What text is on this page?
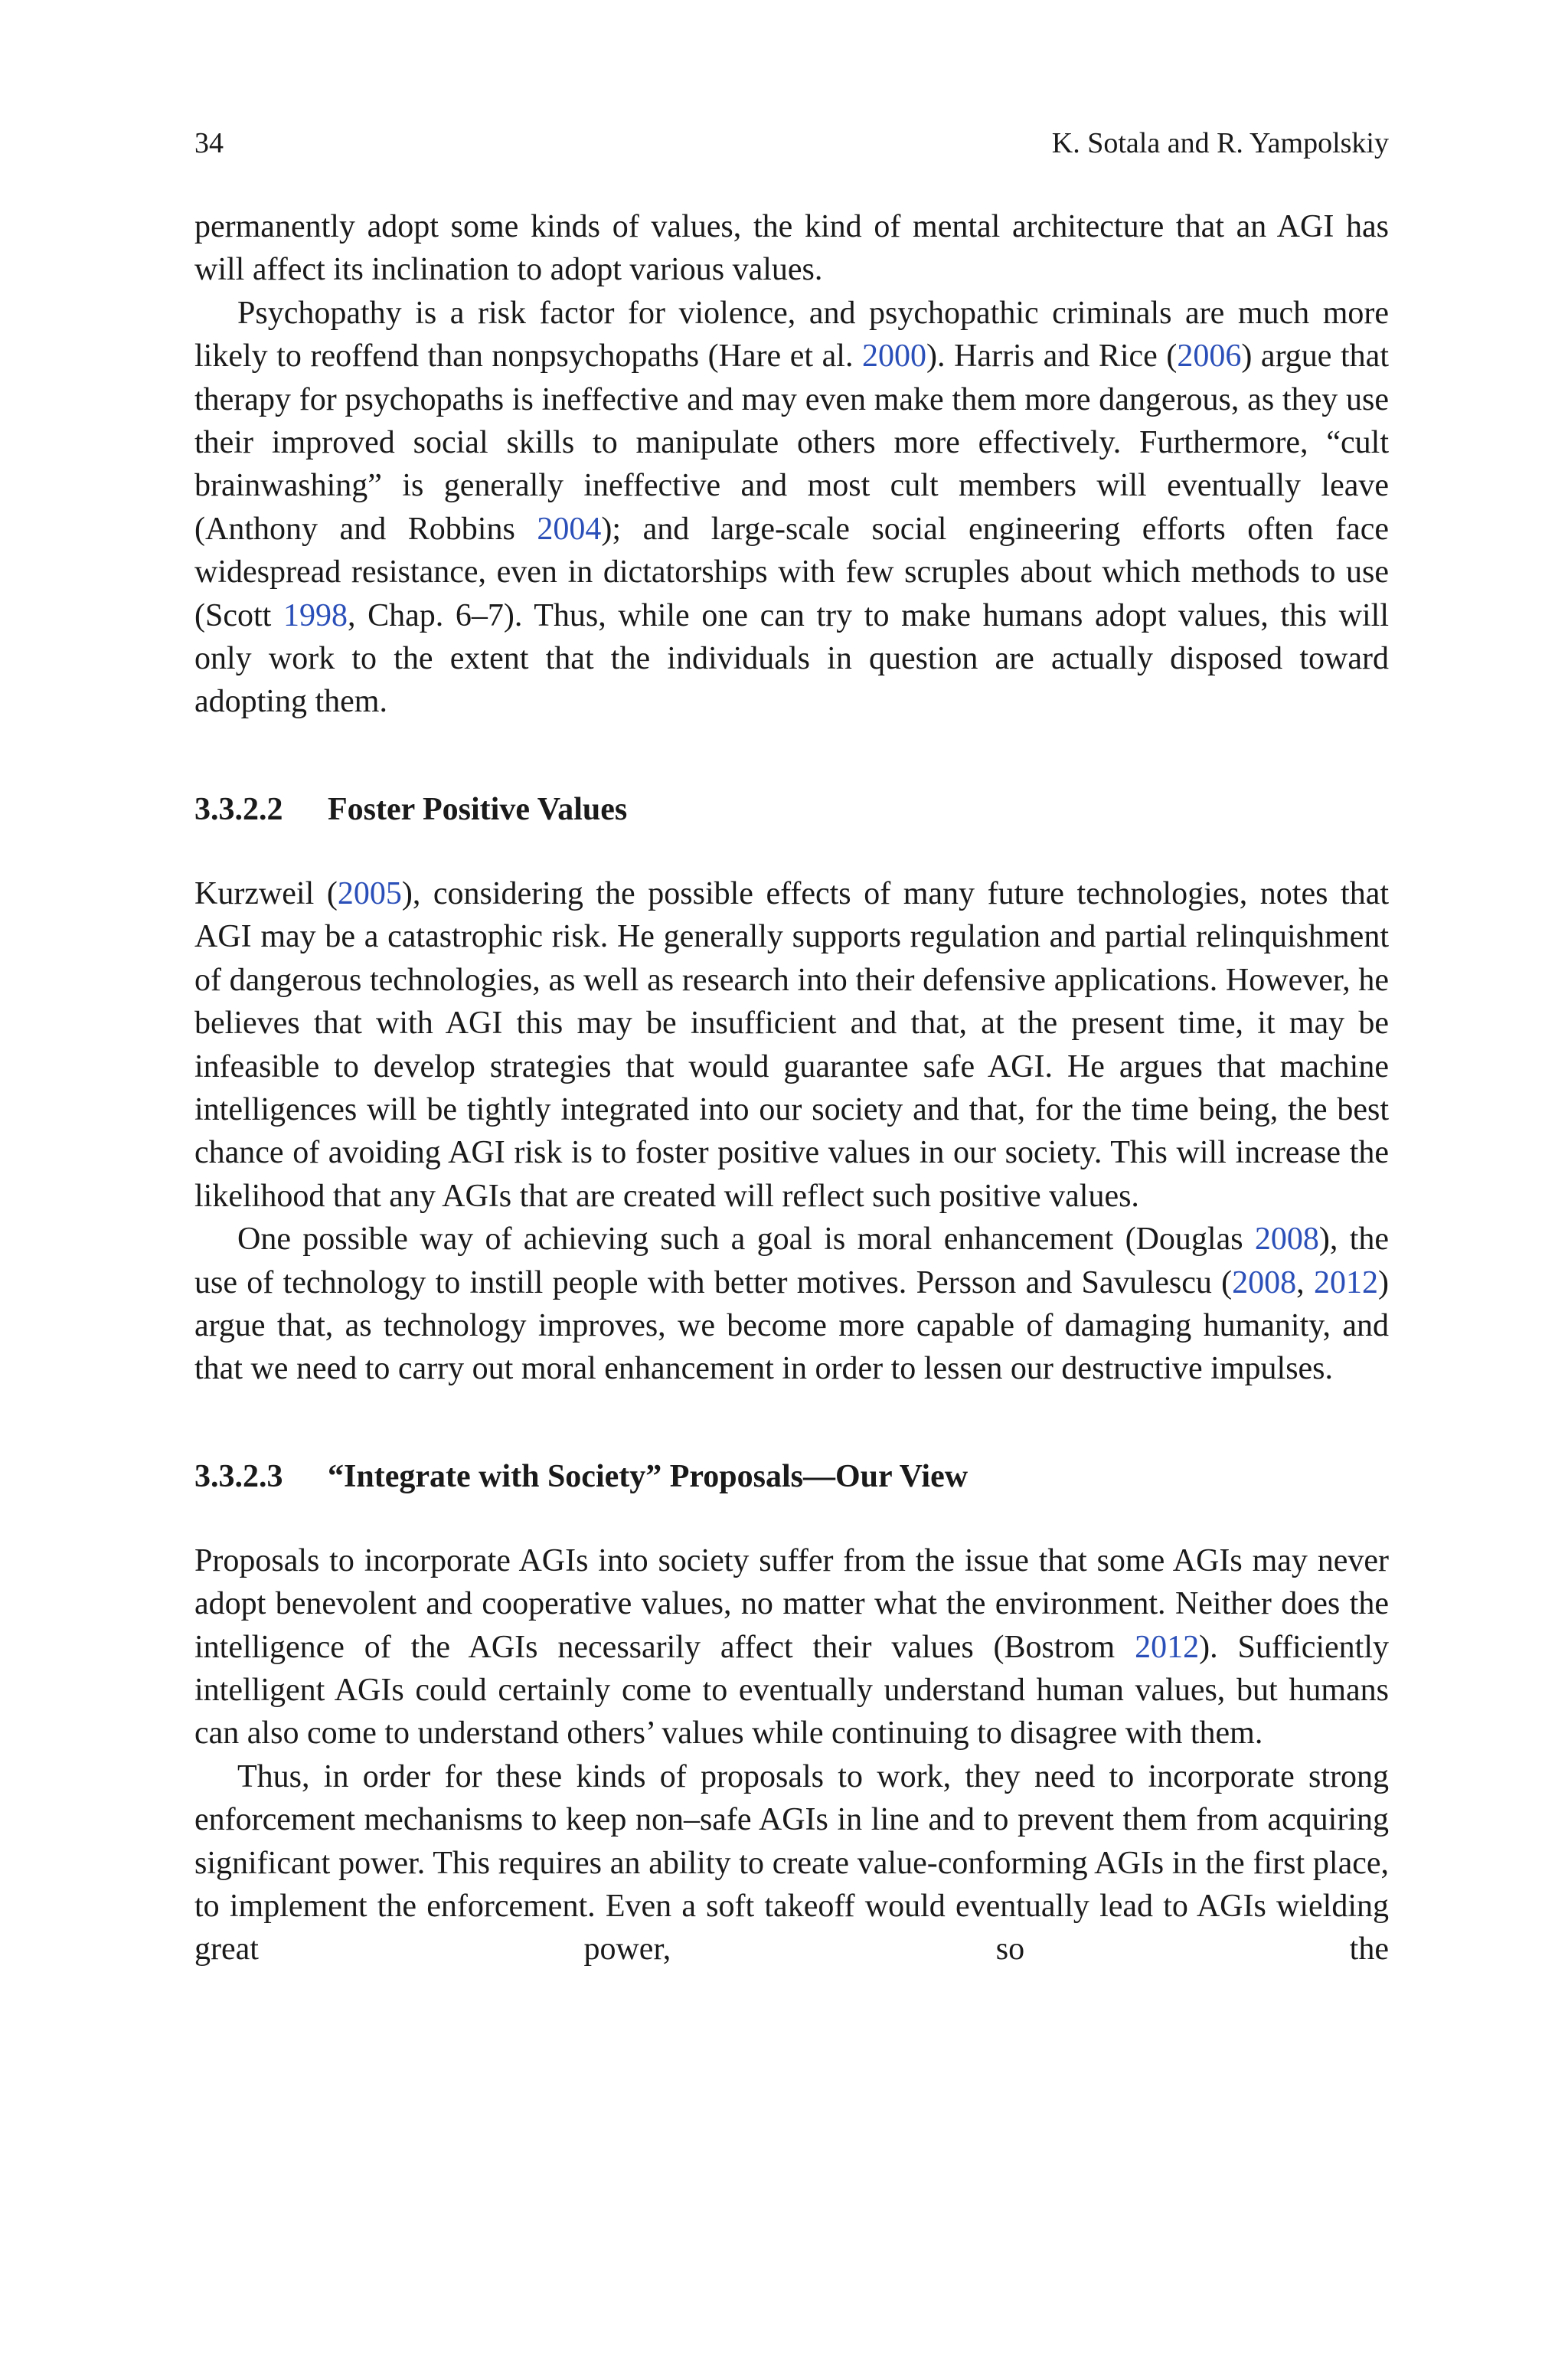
34	K. Sotala and R. Yampolskiy

permanently adopt some kinds of values, the kind of mental architecture that an AGI has will affect its inclination to adopt various values.

Psychopathy is a risk factor for violence, and psychopathic criminals are much more likely to reoffend than nonpsychopaths (Hare et al. 2000). Harris and Rice (2006) argue that therapy for psychopaths is ineffective and may even make them more dangerous, as they use their improved social skills to manipulate others more effectively. Furthermore, “cult brainwashing” is generally ineffective and most cult members will eventually leave (Anthony and Robbins 2004); and large-scale social engineering efforts often face widespread resistance, even in dictatorships with few scruples about which methods to use (Scott 1998, Chap. 6–7). Thus, while one can try to make humans adopt values, this will only work to the extent that the individuals in question are actually disposed toward adopting them.

3.3.2.2 Foster Positive Values

Kurzweil (2005), considering the possible effects of many future technologies, notes that AGI may be a catastrophic risk. He generally supports regulation and partial relinquishment of dangerous technologies, as well as research into their defensive applications. However, he believes that with AGI this may be insufficient and that, at the present time, it may be infeasible to develop strategies that would guarantee safe AGI. He argues that machine intelligences will be tightly integrated into our society and that, for the time being, the best chance of avoiding AGI risk is to foster positive values in our society. This will increase the likelihood that any AGIs that are created will reflect such positive values.

One possible way of achieving such a goal is moral enhancement (Douglas 2008), the use of technology to instill people with better motives. Persson and Savulescu (2008, 2012) argue that, as technology improves, we become more capable of damaging humanity, and that we need to carry out moral enhancement in order to lessen our destructive impulses.

3.3.2.3 “Integrate with Society” Proposals—Our View

Proposals to incorporate AGIs into society suffer from the issue that some AGIs may never adopt benevolent and cooperative values, no matter what the environment. Neither does the intelligence of the AGIs necessarily affect their values (Bostrom 2012). Sufficiently intelligent AGIs could certainly come to eventually understand human values, but humans can also come to understand others’ values while continuing to disagree with them.

Thus, in order for these kinds of proposals to work, they need to incorporate strong enforcement mechanisms to keep non–safe AGIs in line and to prevent them from acquiring significant power. This requires an ability to create value-conforming AGIs in the first place, to implement the enforcement. Even a soft takeoff would eventually lead to AGIs wielding great power, so the
